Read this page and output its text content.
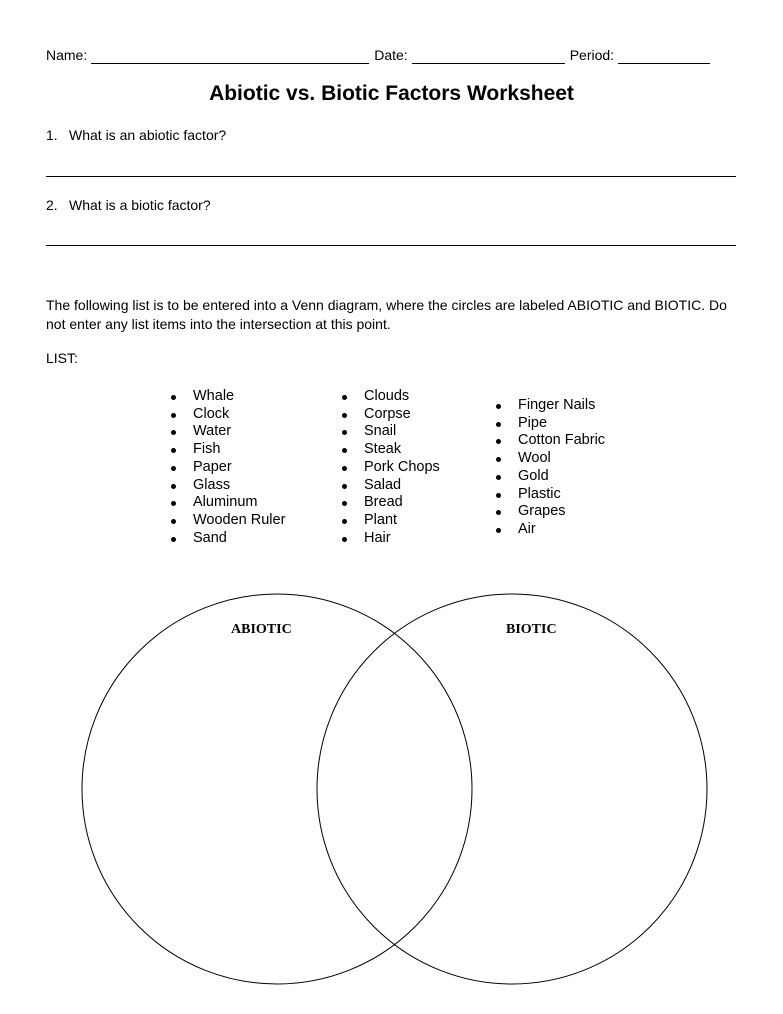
Name:	Date:	Period:
Abiotic vs. Biotic Factors Worksheet
1. What is an abiotic factor?
2. What is a biotic factor?
The following list is to be entered into a Venn diagram, where the circles are labeled ABIOTIC and BIOTIC. Do not enter any list items into the intersection at this point.
LIST:
Whale
Clock
Water
Fish
Paper
Glass
Aluminum
Wooden Ruler
Sand
Clouds
Corpse
Snail
Steak
Pork Chops
Salad
Bread
Plant
Hair
Finger Nails
Pipe
Cotton Fabric
Wool
Gold
Plastic
Grapes
Air
ABIOTIC	BIOTIC
